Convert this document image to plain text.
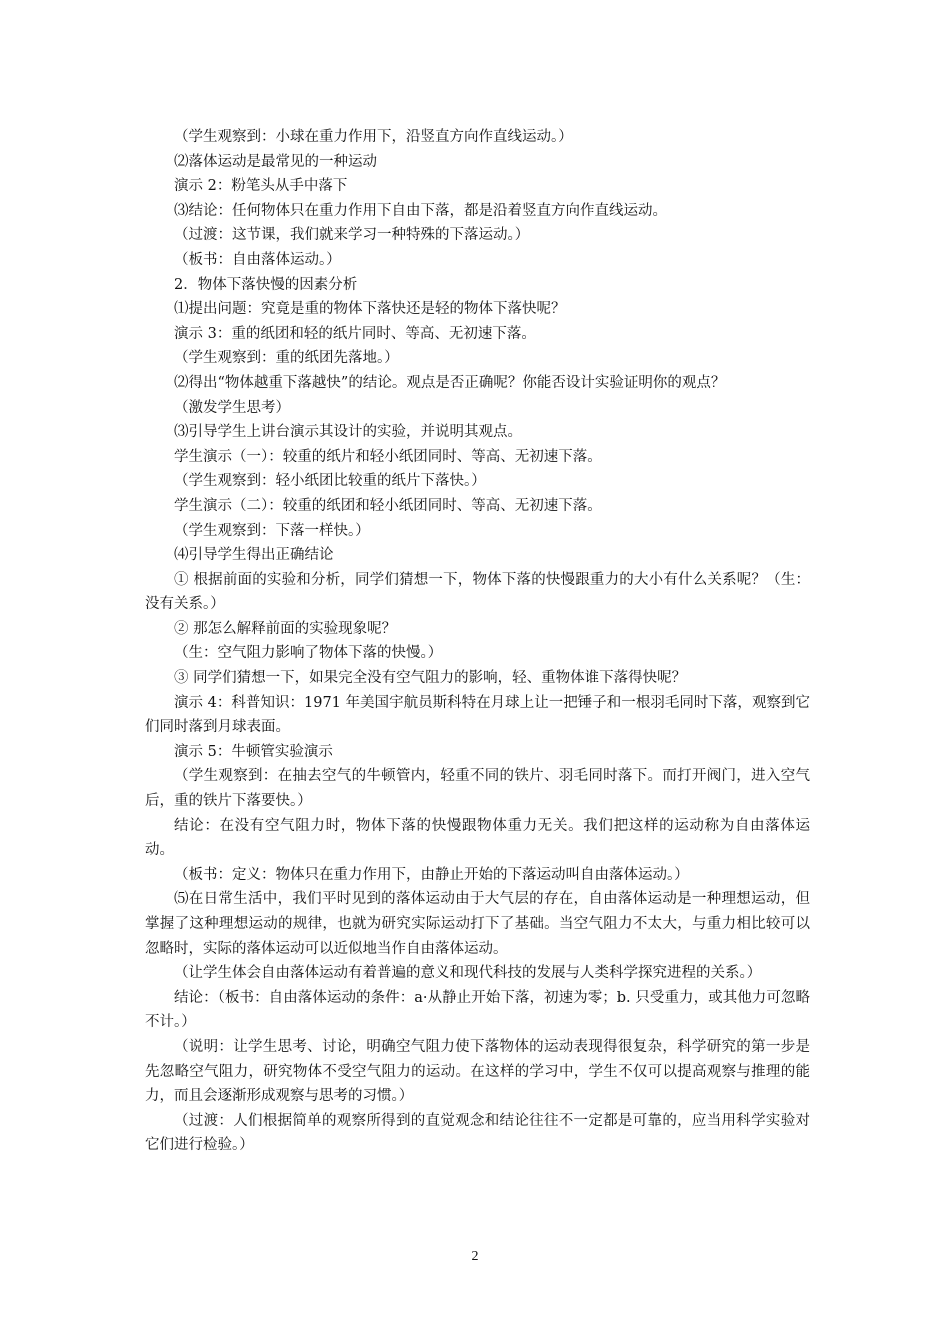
（学生观察到：小球在重力作用下，沿竖直方向作直线运动。）

⑵落体运动是最常见的一种运动

演示 2：粉笔头从手中落下

⑶结论：任何物体只在重力作用下自由下落，都是沿着竖直方向作直线运动。

（过渡：这节课，我们就来学习一种特殊的下落运动。）

（板书：自由落体运动。）

2．物体下落快慢的因素分析

⑴提出问题：究竟是重的物体下落快还是轻的物体下落快呢？

演示 3：重的纸团和轻的纸片同时、等高、无初速下落。

（学生观察到：重的纸团先落地。）

⑵得出“物体越重下落越快”的结论。观点是否正确呢？你能否设计实验证明你的观点？

（激发学生思考）

⑶引导学生上讲台演示其设计的实验，并说明其观点。

学生演示（一）：较重的纸片和轻小纸团同时、等高、无初速下落。

（学生观察到：轻小纸团比较重的纸片下落快。）

学生演示（二）：较重的纸团和轻小纸团同时、等高、无初速下落。

（学生观察到：下落一样快。）

⑷引导学生得出正确结论

① 根据前面的实验和分析，同学们猜想一下，物体下落的快慢跟重力的大小有什么关系呢？（生：没有关系。）

② 那怎么解释前面的实验现象呢？

（生：空气阻力影响了物体下落的快慢。）

③ 同学们猜想一下，如果完全没有空气阻力的影响，轻、重物体谁下落得快呢？

演示 4：科普知识：1971 年美国宇航员斯科特在月球上让一把锤子和一根羽毛同时下落，观察到它们同时落到月球表面。

演示 5：牛顿管实验演示

（学生观察到：在抽去空气的牛顿管内，轻重不同的铁片、羽毛同时落下。而打开阀门，进入空气后，重的铁片下落要快。）

结论：在没有空气阻力时，物体下落的快慢跟物体重力无关。我们把这样的运动称为自由落体运动。

（板书：定义：物体只在重力作用下，由静止开始的下落运动叫自由落体运动。）

⑸在日常生活中，我们平时见到的落体运动由于大气层的存在，自由落体运动是一种理想运动，但掌握了这种理想运动的规律，也就为研究实际运动打下了基础。当空气阻力不太大，与重力相比较可以忽略时，实际的落体运动可以近似地当作自由落体运动。

（让学生体会自由落体运动有着普遍的意义和现代科技的发展与人类科学探究进程的关系。）

结论：（板书：自由落体运动的条件：a·从静止开始下落，初速为零；b. 只受重力，或其他力可忽略不计。）

（说明：让学生思考、讨论，明确空气阻力使下落物体的运动表现得很复杂，科学研究的第一步是先忽略空气阻力，研究物体不受空气阻力的运动。在这样的学习中，学生不仅可以提高观察与推理的能力，而且会逐渐形成观察与思考的习惯。）

（过渡：人们根据简单的观察所得到的直觉观念和结论往往不一定都是可靠的，应当用科学实验对它们进行检验。）

2
